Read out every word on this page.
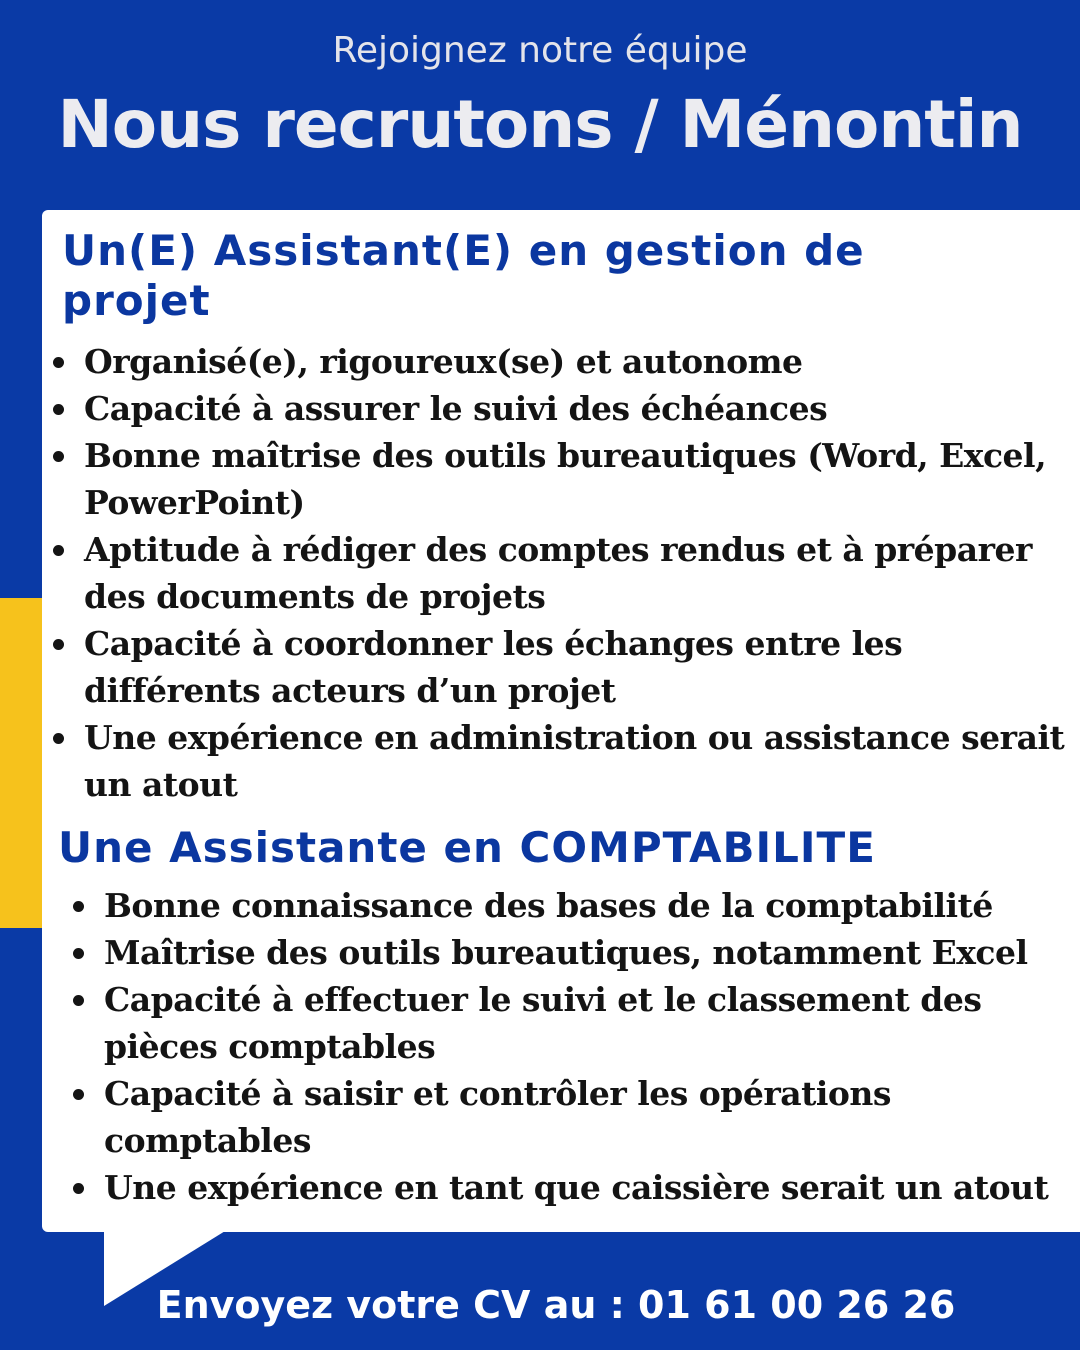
Rejoignez notre équipe
Nous recrutons / Ménontin
Un(E) Assistant(E) en gestion de projet
Organisé(e), rigoureux(se) et autonome
Capacité à assurer le suivi des échéances
Bonne maîtrise des outils bureautiques (Word, Excel, PowerPoint)
Aptitude à rédiger des comptes rendus et à préparer des documents de projets
Capacité à coordonner les échanges entre les différents acteurs d’un projet
Une expérience en administration ou assistance serait un atout
Une Assistante en COMPTABILITE
Bonne connaissance des bases de la comptabilité
Maîtrise des outils bureautiques, notamment Excel
Capacité à effectuer le suivi et le classement des pièces comptables
Capacité à saisir et contrôler les opérations comptables
Une expérience en tant que caissière serait un atout
Envoyez votre CV au : 01 61 00 26 26
